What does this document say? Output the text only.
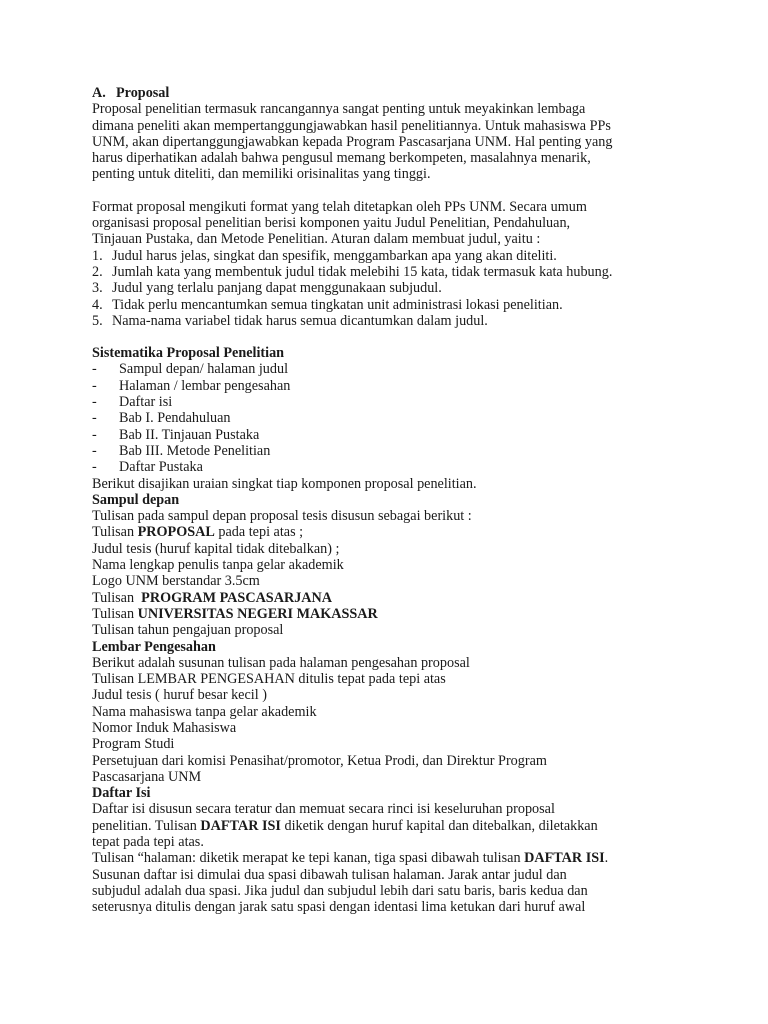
A. Proposal

Proposal penelitian termasuk rancangannya sangat penting untuk meyakinkan lembaga

dimana peneliti akan mempertanggungjawabkan hasil penelitiannya. Untuk mahasiswa PPs

UNM, akan dipertanggungjawabkan kepada Program Pascasarjana UNM. Hal penting yang

harus diperhatikan adalah bahwa pengusul memang berkompeten, masalahnya menarik,

penting untuk diteliti, dan memiliki orisinalitas yang tinggi.

Format proposal mengikuti format yang telah ditetapkan oleh PPs UNM. Secara umum

organisasi proposal penelitian berisi komponen yaitu Judul Penelitian, Pendahuluan,

Tinjauan Pustaka, dan Metode Penelitian. Aturan dalam membuat judul, yaitu :

1. Judul harus jelas, singkat dan spesifik, menggambarkan apa yang akan diteliti.
2. Jumlah kata yang membentuk judul tidak melebihi 15 kata, tidak termasuk kata hubung.
3. Judul yang terlalu panjang dapat menggunakaan subjudul.
4. Tidak perlu mencantumkan semua tingkatan unit administrasi lokasi penelitian.
5. Nama-nama variabel tidak harus semua dicantumkan dalam judul.

Sistematika Proposal Penelitian

-	Sampul depan/ halaman judul
-	Halaman / lembar pengesahan
-	Daftar isi
-	Bab I. Pendahuluan
-	Bab II. Tinjauan Pustaka
-	Bab III. Metode Penelitian
-	Daftar Pustaka

Berikut disajikan uraian singkat tiap komponen proposal penelitian.

Sampul depan

Tulisan pada sampul depan proposal tesis disusun sebagai berikut :

Tulisan PROPOSAL pada tepi atas ;

Judul tesis (huruf kapital tidak ditebalkan) ;

Nama lengkap penulis tanpa gelar akademik

Logo UNM berstandar 3.5cm

Tulisan  PROGRAM PASCASARJANA

Tulisan UNIVERSITAS NEGERI MAKASSAR

Tulisan tahun pengajuan proposal

Lembar Pengesahan

Berikut adalah susunan tulisan pada halaman pengesahan proposal

Tulisan LEMBAR PENGESAHAN ditulis tepat pada tepi atas

Judul tesis ( huruf besar kecil )

Nama mahasiswa tanpa gelar akademik

Nomor Induk Mahasiswa

Program Studi

Persetujuan dari komisi Penasihat/promotor, Ketua Prodi, dan Direktur Program

Pascasarjana UNM

Daftar Isi

Daftar isi disusun secara teratur dan memuat secara rinci isi keseluruhan proposal

penelitian. Tulisan DAFTAR ISI diketik dengan huruf kapital dan ditebalkan, diletakkan

tepat pada tepi atas.

Tulisan “halaman: diketik merapat ke tepi kanan, tiga spasi dibawah tulisan DAFTAR ISI.

Susunan daftar isi dimulai dua spasi dibawah tulisan halaman. Jarak antar judul dan

subjudul adalah dua spasi. Jika judul dan subjudul lebih dari satu baris, baris kedua dan

seterusnya ditulis dengan jarak satu spasi dengan identasi lima ketukan dari huruf awal
